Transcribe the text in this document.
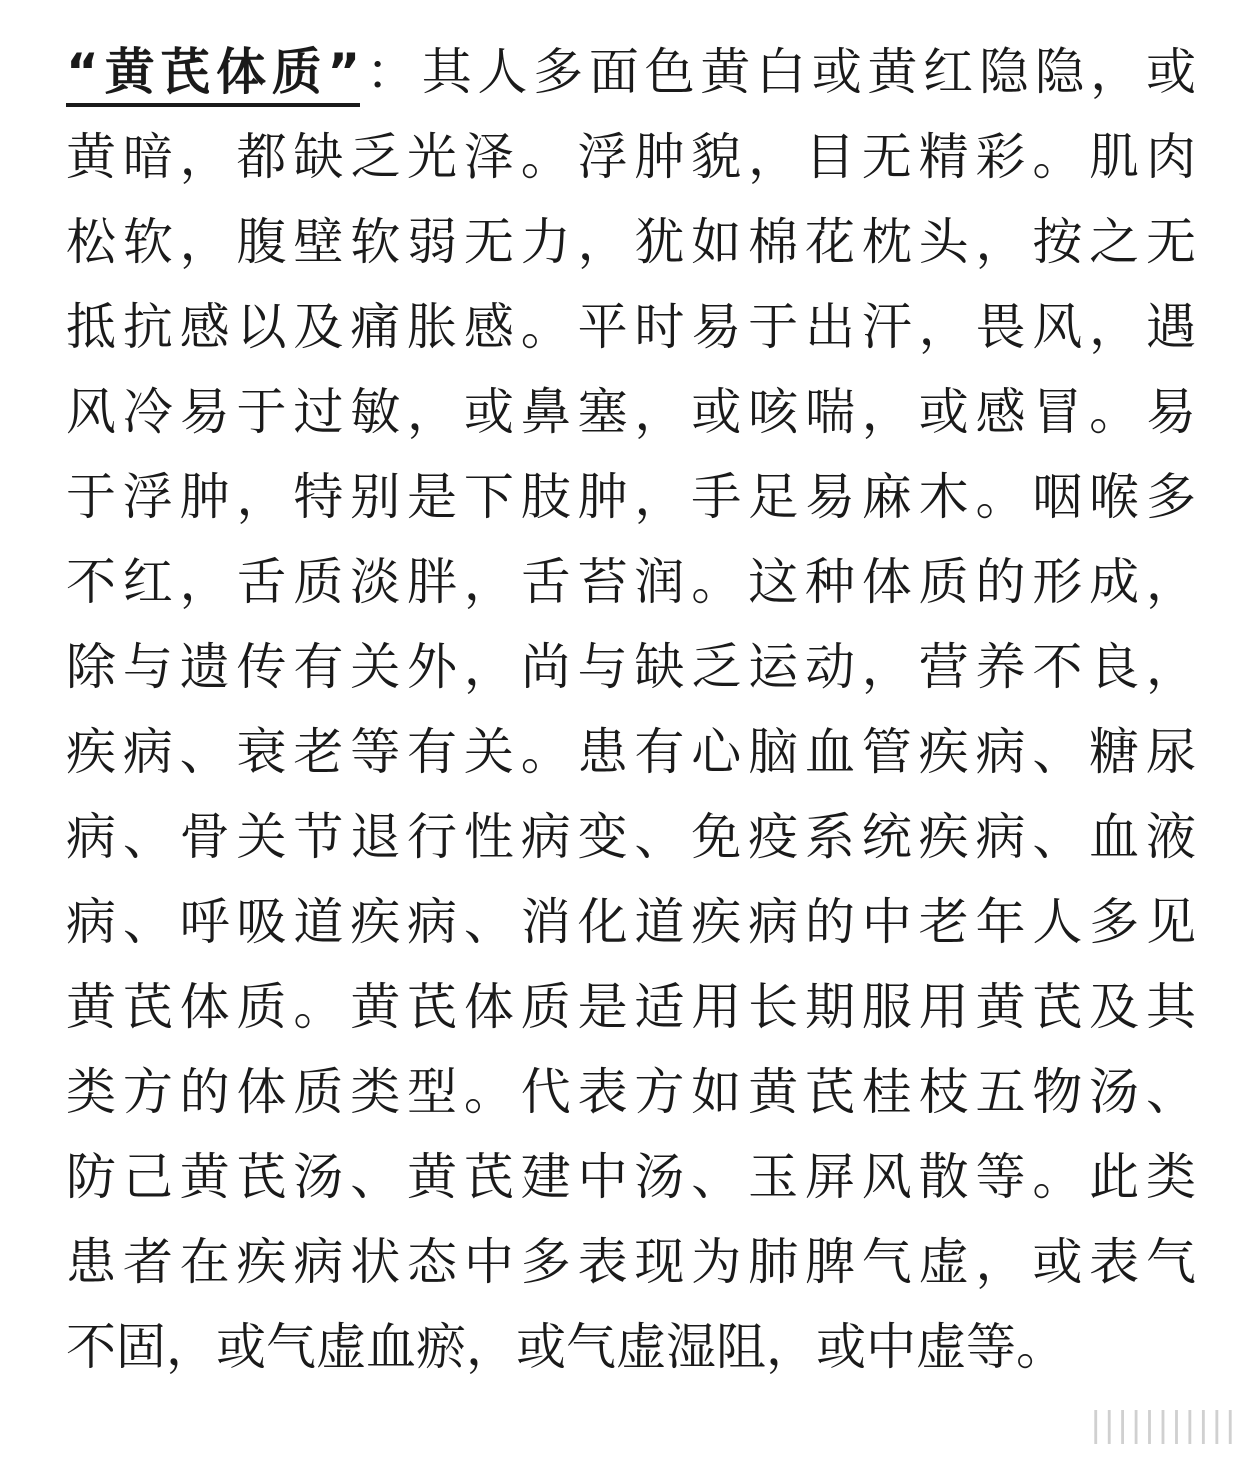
“黄芪体质”：其人多面色黄白或黄红隐隐，或
黄暗，都缺乏光泽。浮肿貌，目无精彩。肌肉
松软，腹壁软弱无力，犹如棉花枕头，按之无
抵抗感以及痛胀感。平时易于出汗，畏风，遇
风冷易于过敏，或鼻塞，或咳喘，或感冒。易
于浮肿，特别是下肢肿，手足易麻木。咽喉多
不红，舌质淡胖，舌苔润。这种体质的形成，
除与遗传有关外，尚与缺乏运动，营养不良，
疾病、衰老等有关。患有心脑血管疾病、糖尿
病、骨关节退行性病变、免疫系统疾病、血液
病、呼吸道疾病、消化道疾病的中老年人多见
黄芪体质。黄芪体质是适用长期服用黄芪及其
类方的体质类型。代表方如黄芪桂枝五物汤、
防己黄芪汤、黄芪建中汤、玉屏风散等。此类
患者在疾病状态中多表现为肺脾气虚，或表气
不固，或气虚血瘀，或气虚湿阻，或中虚等。
|||||||||||
